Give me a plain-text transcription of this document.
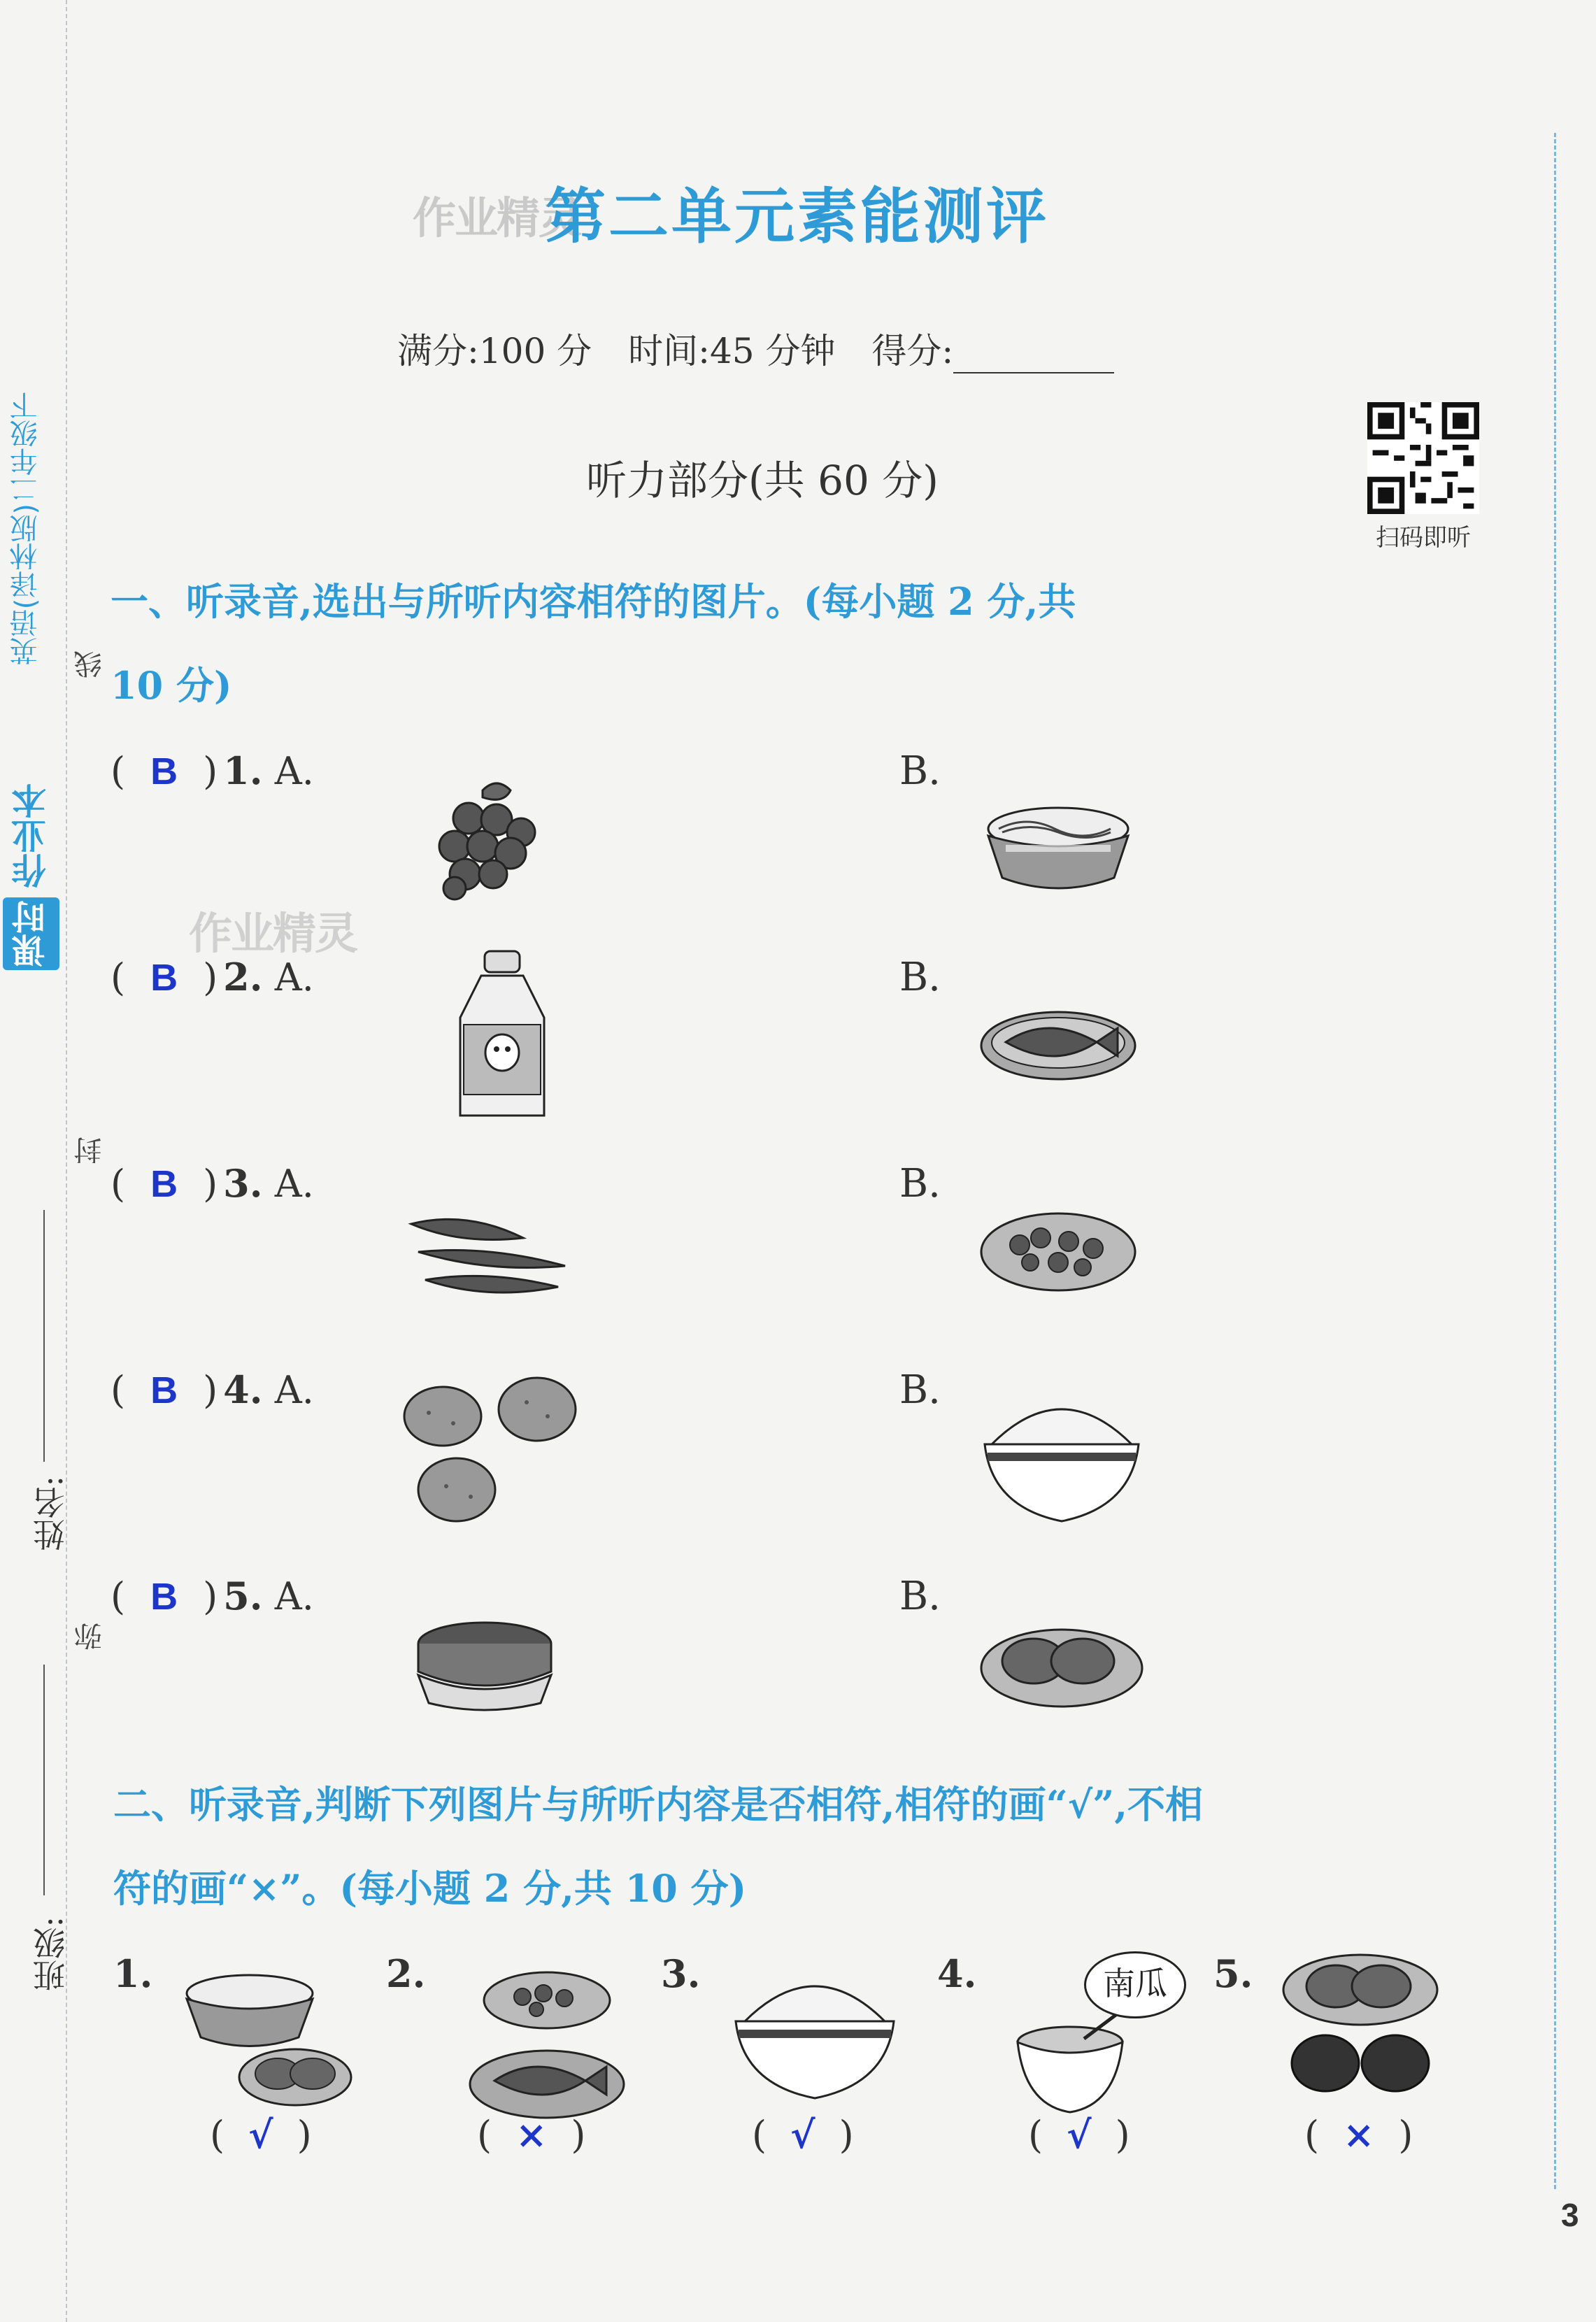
课时 作业本
英语(译林版)二年级下 线
封
弥
姓名:
班级:
作业精灵
作业精灵
第二单元素能测评
满分:100 分 时间:45 分钟 得分:
扫码即听
听力部分(共 60 分)
一、听录音,选出与所听内容相符的图片。(每小题 2 分,共
10 分)
( B ) 1. A.	B.
( B ) 2. A.	B.
( B ) 3. A.	B.
( B ) 4. A.	B.
( B ) 5. A.	B.
二、听录音,判断下列图片与所听内容是否相符,相符的画“√”,不相
符的画“×”。(每小题 2 分,共 10 分)
1.
( √ )
2.
( × )
3.
( √ )
4.	南瓜
( √ )
5.
( × )
3
